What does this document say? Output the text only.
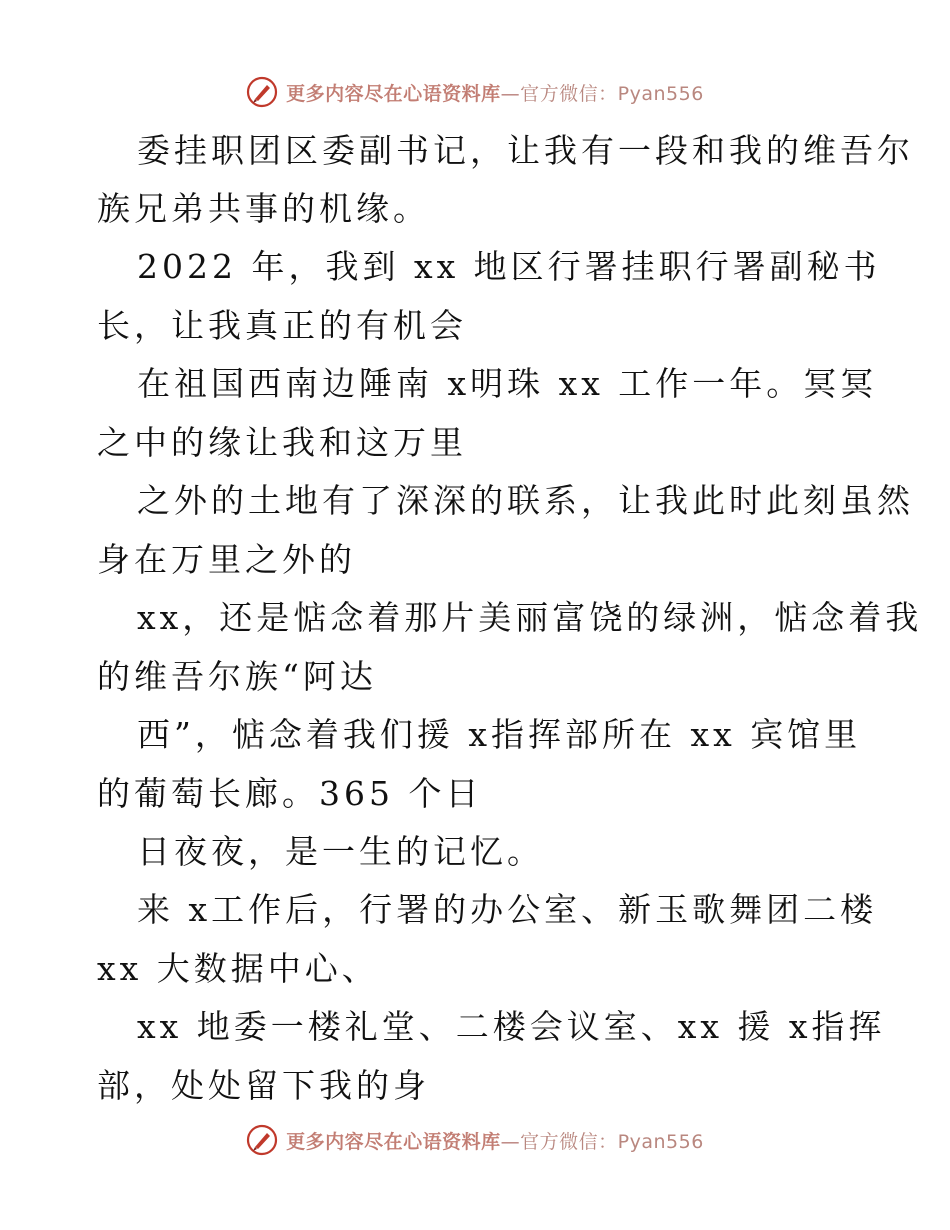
更多内容尽在心语资料库—官方微信：Pyan556
委挂职团区委副书记，让我有一段和我的维吾尔
族兄弟共事的机缘。
2022 年，我到 xx 地区行署挂职行署副秘书
长，让我真正的有机会
在祖国西南边陲南 x明珠 xx 工作一年。冥冥
之中的缘让我和这万里
之外的土地有了深深的联系，让我此时此刻虽然
身在万里之外的
xx，还是惦念着那片美丽富饶的绿洲，惦念着我
的维吾尔族“阿达
西”，惦念着我们援 x指挥部所在 xx 宾馆里
的葡萄长廊。365 个日
日夜夜，是一生的记忆。
来 x工作后，行署的办公室、新玉歌舞团二楼
xx 大数据中心、
xx 地委一楼礼堂、二楼会议室、xx 援 x指挥
部，处处留下我的身
更多内容尽在心语资料库—官方微信：Pyan556
